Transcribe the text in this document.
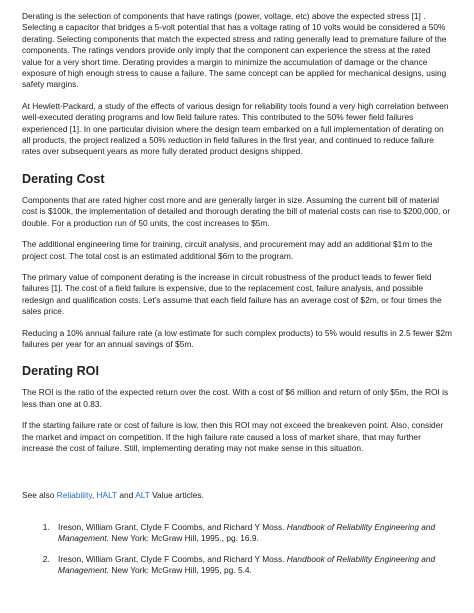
Derating is the selection of components that have ratings (power, voltage, etc) above the expected stress [1] . Selecting a capacitor that bridges a 5-volt potential that has a voltage rating of 10 volts would be considered a 50% derating. Selecting components that match the expected stress and rating generally lead to premature failure of the components. The ratings vendors provide only imply that the component can experience the stress at the rated value for a very short time. Derating provides a margin to minimize the accumulation of damage or the chance exposure of high enough stress to cause a failure. The same concept can be applied for mechanical designs, using safety margins.

At Hewlett-Packard, a study of the effects of various design for reliability tools found a very high correlation between well-executed derating programs and low field failure rates. This contributed to the 50% fewer field failures experienced [1]. In one particular division where the design team embarked on a full implementation of derating on all products, the project realized a 50% reduction in field failures in the first year, and continued to reduce failure rates over subsequent years as more fully derated product designs shipped.

Derating Cost

Components that are rated higher cost more and are generally larger in size. Assuming the current bill of material cost is $100k, the implementation of detailed and thorough derating the bill of material costs can rise to $200,000, or double. For a production run of 50 units, the cost increases to $5m.

The additional engineering time for training, circuit analysis, and procurement may add an additional $1m to the project cost. The total cost is an estimated additional $6m to the program.

The primary value of component derating is the increase in circuit robustness of the product leads to fewer field failures [1]. The cost of a field failure is expensive, due to the replacement cost, failure analysis, and possible redesign and qualification costs. Let’s assume that each field failure has an average cost of $2m, or four times the sales price.

Reducing a 10% annual failure rate (a low estimate for such complex products) to 5% would results in 2.5 fewer $2m failures per year for an annual savings of $5m.

Derating ROI

The ROI is the ratio of the expected return over the cost. With a cost of $6 million and return of only $5m, the ROI is less than one at 0.83.

If the starting failure rate or cost of failure is low, then this ROI may not exceed the breakeven point. Also, consider the market and impact on competition. If the high failure rate caused a loss of market share, that may further increase the cost of failure. Still, implementing derating may not make sense in this situation.

See also Reliability, HALT and ALT Value articles.

1. Ireson, William Grant, Clyde F Coombs, and Richard Y Moss. Handbook of Reliability Engineering and Management. New York: McGraw Hill, 1995., pg. 16.9.
2. Ireson, William Grant, Clyde F Coombs, and Richard Y Moss. Handbook of Reliability Engineering and Management. New York: McGraw Hill, 1995, pg. 5.4.
